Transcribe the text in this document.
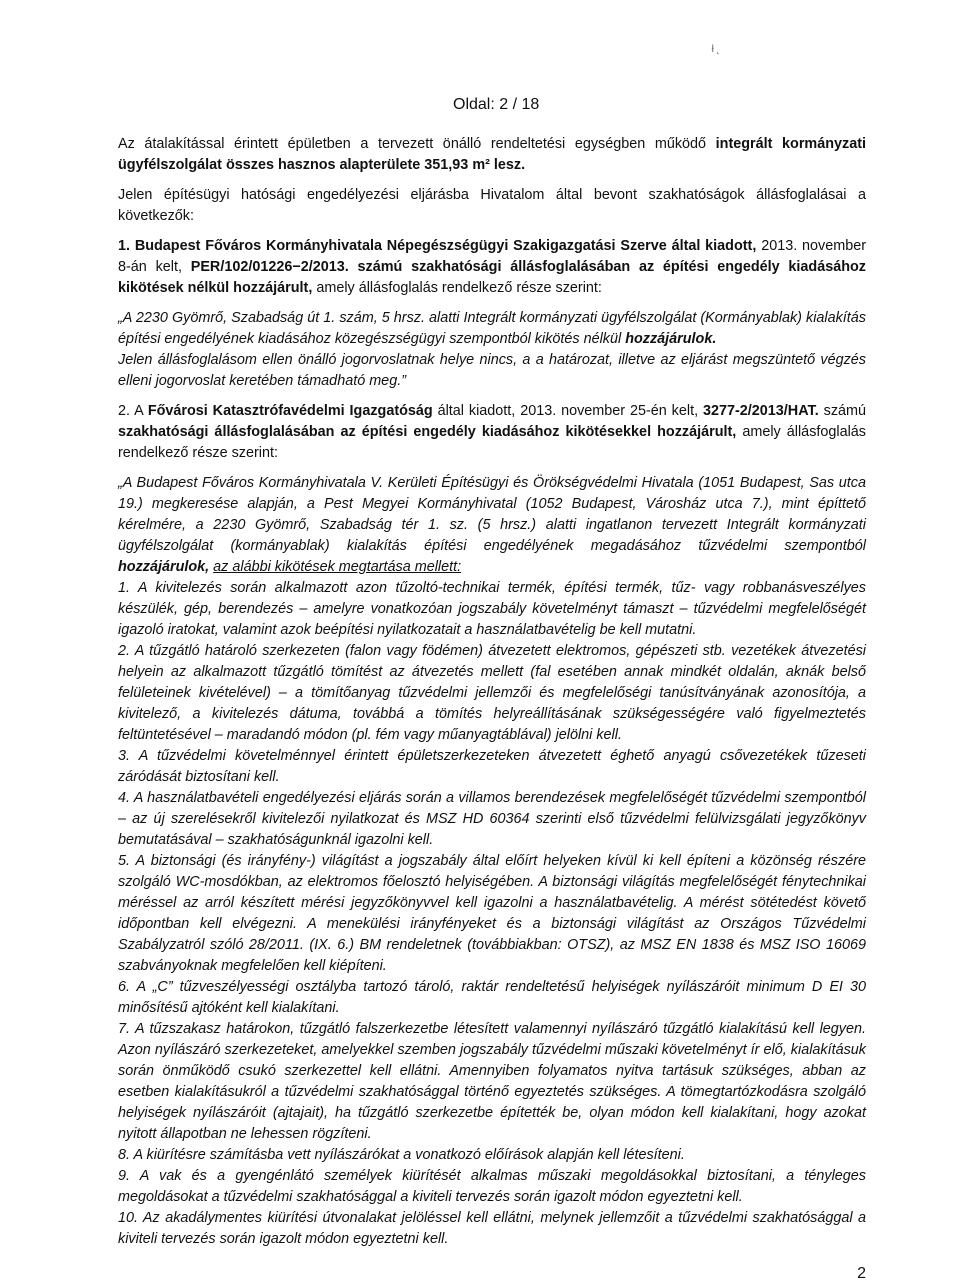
ł ˛
Oldal: 2 / 18

Az átalakítással érintett épületben a tervezett önálló rendeltetési egységben működő integrált kormányzati ügyfélszolgálat összes hasznos alapterülete 351,93 m² lesz.

Jelen építésügyi hatósági engedélyezési eljárásba Hivatalom által bevont szakhatóságok állásfoglalásai a következők:

1. Budapest Főváros Kormányhivatala Népegészségügyi Szakigazgatási Szerve által kiadott, 2013. november 8-án kelt, PER/102/01226−2/2013. számú szakhatósági állásfoglalásában az építési engedély kiadásához kikötések nélkül hozzájárult, amely állásfoglalás rendelkező része szerint:

„A 2230 Gyömrő, Szabadság út 1. szám, 5 hrsz. alatti Integrált kormányzati ügyfélszolgálat (Kormányablak) kialakítás építési engedélyének kiadásához közegészségügyi szempontból kikötés nélkül hozzájárulok.
Jelen állásfoglalásom ellen önálló jogorvoslatnak helye nincs, a a határozat, illetve az eljárást megszüntető végzés elleni jogorvoslat keretében támadható meg.”

2. A Fővárosi Katasztrófavédelmi Igazgatóság által kiadott, 2013. november 25-én kelt, 3277-2/2013/HAT. számú szakhatósági állásfoglalásában az építési engedély kiadásához kikötésekkel hozzájárult, amely állásfoglalás rendelkező része szerint:

„A Budapest Főváros Kormányhivatala V. Kerületi Építésügyi és Örökségvédelmi Hivatala (1051 Budapest, Sas utca 19.) megkeresése alapján, a Pest Megyei Kormányhivatal (1052 Budapest, Városház utca 7.), mint építtető kérelmére, a 2230 Gyömrő, Szabadság tér 1. sz. (5 hrsz.) alatti ingatlanon tervezett Integrált kormányzati ügyfélszolgálat (kormányablak) kialakítás építési engedélyének megadásához tűzvédelmi szempontból hozzájárulok, az alábbi kikötések megtartása mellett:

1. A kivitelezés során alkalmazott azon tűzoltó-technikai termék, építési termék, tűz- vagy robbanásveszélyes készülék, gép, berendezés – amelyre vonatkozóan jogszabály követelményt támaszt – tűzvédelmi megfelelőségét igazoló iratokat, valamint azok beépítési nyilatkozatait a használatbavételig be kell mutatni.

2. A tűzgátló határoló szerkezeten (falon vagy födémen) átvezetett elektromos, gépészeti stb. vezetékek átvezetési helyein az alkalmazott tűzgátló tömítést az átvezetés mellett (fal esetében annak mindkét oldalán, aknák belső felületeinek kivételével) – a tömítőanyag tűzvédelmi jellemzői és megfelelőségi tanúsítványának azonosítója, a kivitelező, a kivitelezés dátuma, továbbá a tömítés helyreállításának szükségességére való figyelmeztetés feltüntetésével – maradandó módon (pl. fém vagy műanyagtáblával) jelölni kell.

3. A tűzvédelmi követelménnyel érintett épületszerkezeteken átvezetett éghető anyagú csővezetékek tűzeseti záródását biztosítani kell.

4. A használatbavételi engedélyezési eljárás során a villamos berendezések megfelelőségét tűzvédelmi szempontból – az új szerelésekről kivitelezői nyilatkozat és MSZ HD 60364 szerinti első tűzvédelmi felülvizsgálati jegyzőkönyv bemutatásával – szakhatóságunknál igazolni kell.

5. A biztonsági (és irányfény-) világítást a jogszabály által előírt helyeken kívül ki kell építeni a közönség részére szolgáló WC-mosdókban, az elektromos főelosztó helyiségében. A biztonsági világítás megfelelőségét fénytechnikai méréssel az arról készített mérési jegyzőkönyvvel kell igazolni a használatbavételig. A mérést sötétedést követő időpontban kell elvégezni. A menekülési irányfényeket és a biztonsági világítást az Országos Tűzvédelmi Szabályzatról szóló 28/2011. (IX. 6.) BM rendeletnek (továbbiakban: OTSZ), az MSZ EN 1838 és MSZ ISO 16069 szabványoknak megfelelően kell kiépíteni.

6. A „C” tűzveszélyességi osztályba tartozó tároló, raktár rendeltetésű helyiségek nyílászáróit minimum D EI 30 minősítésű ajtóként kell kialakítani.

7. A tűzszakasz határokon, tűzgátló falszerkezetbe létesített valamennyi nyílászáró tűzgátló kialakítású kell legyen. Azon nyílászáró szerkezeteket, amelyekkel szemben jogszabály tűzvédelmi műszaki követelményt ír elő, kialakításuk során önműködő csukó szerkezettel kell ellátni. Amennyiben folyamatos nyitva tartásuk szükséges, abban az esetben kialakításukról a tűzvédelmi szakhatósággal történő egyeztetés szükséges. A tömegtartózkodásra szolgáló helyiségek nyílászáróit (ajtajait), ha tűzgátló szerkezetbe építették be, olyan módon kell kialakítani, hogy azokat nyitott állapotban ne lehessen rögzíteni.

8. A kiürítésre számításba vett nyílászárókat a vonatkozó előírások alapján kell létesíteni.

9. A vak és a gyengénlátó személyek kiürítését alkalmas műszaki megoldásokkal biztosítani, a tényleges megoldásokat a tűzvédelmi szakhatósággal a kiviteli tervezés során igazolt módon egyeztetni kell.

10. Az akadálymentes kiürítési útvonalakat jelöléssel kell ellátni, melynek jellemzőit a tűzvédelmi szakhatósággal a kiviteli tervezés során igazolt módon egyeztetni kell.

2
